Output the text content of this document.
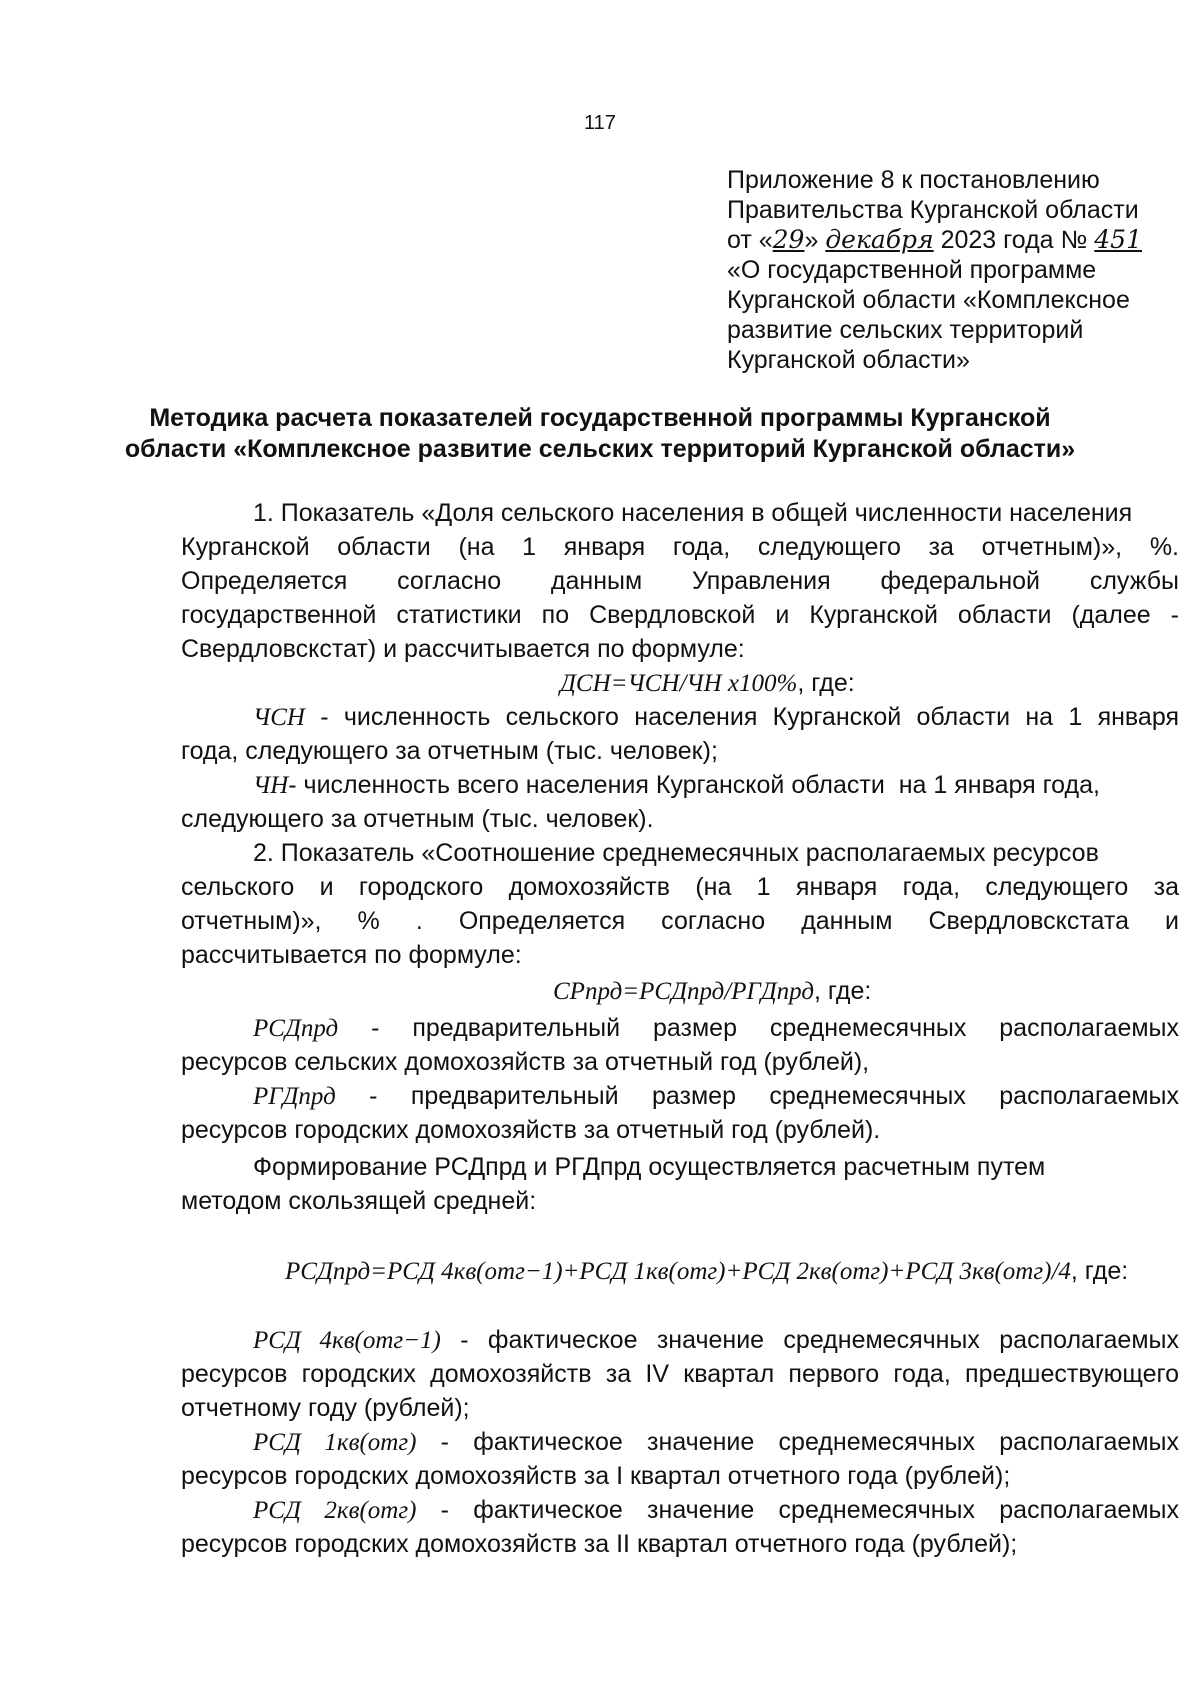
117
Приложение 8 к постановлению
Правительства Курганской области
от «29» декабря 2023 года № 451
«О государственной программе
Курганской области «Комплексное
развитие сельских территорий
Курганской области»
Методика расчета показателей государственной программы Курганской
области «Комплексное развитие сельских территорий Курганской области»
1. Показатель «Доля сельского населения в общей численности населения
Курганской области (на 1 января года, следующего за отчетным)», %.
Определяется согласно данным Управления федеральной службы
государственной статистики по Свердловской и Курганской области (далее -
Свердловскстат) и рассчитывается по формуле:
ДСН=ЧСН/ЧН х100%, где:
ЧСН - численность сельского населения Курганской области на 1 января
года, следующего за отчетным (тыс. человек);
ЧН- численность всего населения Курганской области  на 1 января года,
следующего за отчетным (тыс. человек).
2. Показатель «Соотношение среднемесячных располагаемых ресурсов
сельского и городского домохозяйств (на 1 января года, следующего за
отчетным)», % . Определяется согласно данным Свердловскстата и
рассчитывается по формуле:
СРпрд=РСДпрд/РГДпрд, где:
РСДпрд - предварительный размер среднемесячных располагаемых
ресурсов сельских домохозяйств за отчетный год (рублей),
РГДпрд - предварительный размер среднемесячных располагаемых
ресурсов городских домохозяйств за отчетный год (рублей).
Формирование РСДпрд и РГДпрд осуществляется расчетным путем
методом скользящей средней:
РСДпрд=РСД 4кв(отг−1)+РСД 1кв(отг)+РСД 2кв(отг)+РСД 3кв(отг)/4, где:
РСД 4кв(отг−1) - фактическое значение среднемесячных располагаемых
ресурсов городских домохозяйств за IV квартал первого года, предшествующего
отчетному году (рублей);
РСД 1кв(отг) - фактическое значение среднемесячных располагаемых
ресурсов городских домохозяйств за I квартал отчетного года (рублей);
РСД 2кв(отг) - фактическое значение среднемесячных располагаемых
ресурсов городских домохозяйств за II квартал отчетного года (рублей);
